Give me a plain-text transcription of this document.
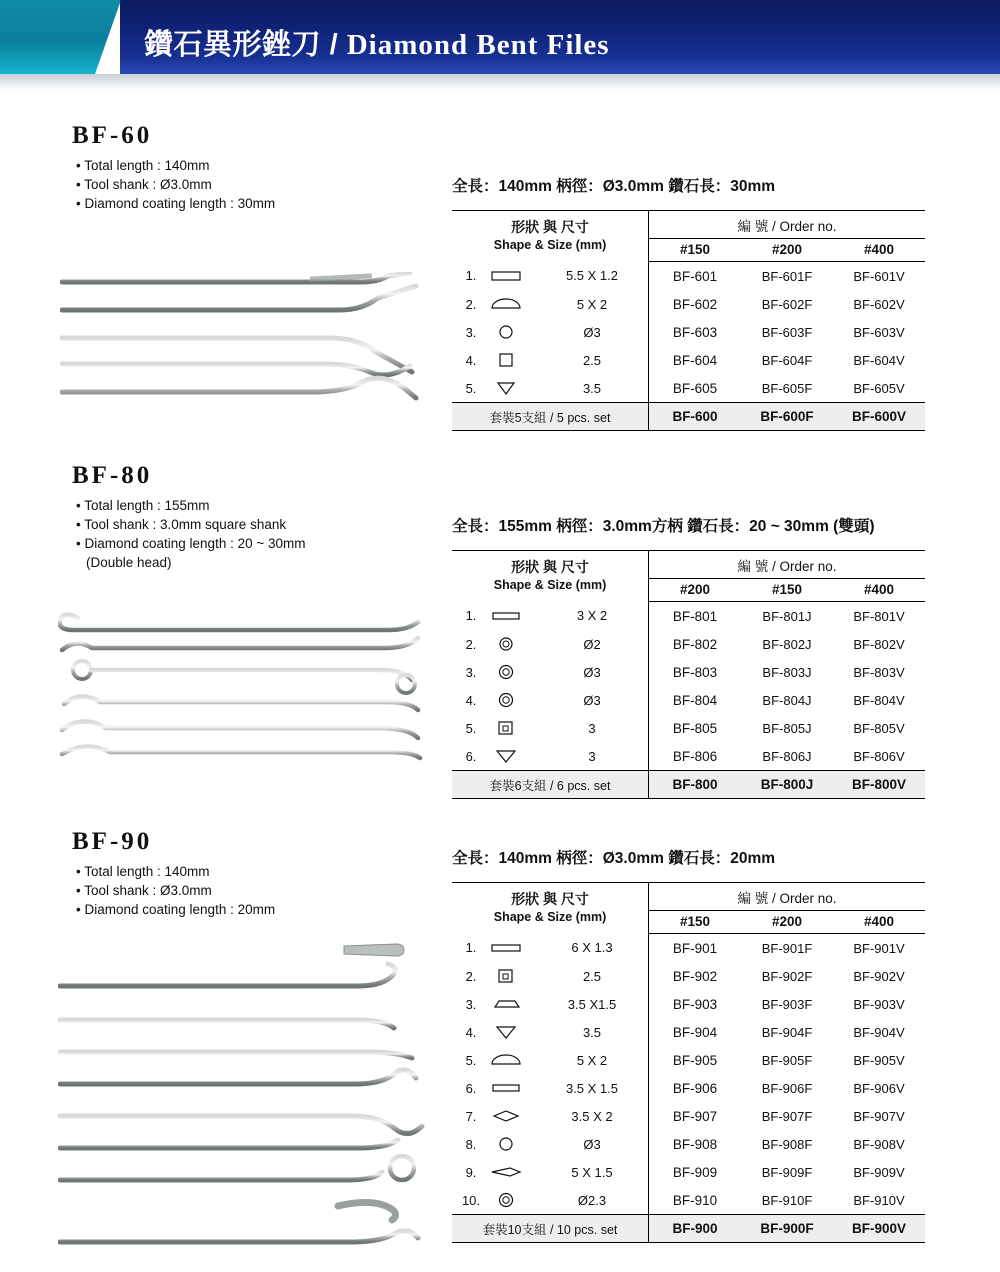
鑽石異形銼刀 / Diamond Bent Files
BF-60
• Total length : 140mm
• Tool shank : Ø3.0mm
• Diamond coating length : 30mm
全長：140mm 柄徑：Ø3.0mm 鑽石長：30mm
形狀 與 尺寸
Shape & Size (mm)			編 號 / Order no.		

			#150	#200	#400

1.		5.5 X 1.2	BF-601	BF-601F	BF-601V
2.		5 X 2	BF-602	BF-602F	BF-602V
3.		Ø3	BF-603	BF-603F	BF-603V
4.		2.5	BF-604	BF-604F	BF-604V
5.		3.5	BF-605	BF-605F	BF-605V
套裝5支組 / 5 pcs. set			BF-600	BF-600F	BF-600V
BF-80
• Total length : 155mm
• Tool shank : 3.0mm square shank
• Diamond coating length : 20 ~ 30mm
(Double head)
全長：155mm 柄徑：3.0mm方柄 鑽石長：20 ~ 30mm (雙頭)
形狀 與 尺寸
Shape & Size (mm)			編 號 / Order no.		

			#200	#150	#400

1.		3 X 2	BF-801	BF-801J	BF-801V
2.		Ø2	BF-802	BF-802J	BF-802V
3.		Ø3	BF-803	BF-803J	BF-803V
4.		Ø3	BF-804	BF-804J	BF-804V
5.		3	BF-805	BF-805J	BF-805V
6.		3	BF-806	BF-806J	BF-806V
套裝6支組 / 6 pcs. set			BF-800	BF-800J	BF-800V
BF-90
• Total length : 140mm
• Tool shank : Ø3.0mm
• Diamond coating length : 20mm
全長：140mm 柄徑：Ø3.0mm 鑽石長：20mm
形狀 與 尺寸
Shape & Size (mm)			編 號 / Order no.		

			#150	#200	#400

1.		6 X 1.3	BF-901	BF-901F	BF-901V
2.		2.5	BF-902	BF-902F	BF-902V
3.		3.5 X1.5	BF-903	BF-903F	BF-903V
4.		3.5	BF-904	BF-904F	BF-904V
5.		5 X 2	BF-905	BF-905F	BF-905V
6.		3.5 X 1.5	BF-906	BF-906F	BF-906V
7.		3.5 X 2	BF-907	BF-907F	BF-907V
8.		Ø3	BF-908	BF-908F	BF-908V
9.		5 X 1.5	BF-909	BF-909F	BF-909V
10.		Ø2.3	BF-910	BF-910F	BF-910V
套裝10支組 / 10 pcs. set			BF-900	BF-900F	BF-900V
